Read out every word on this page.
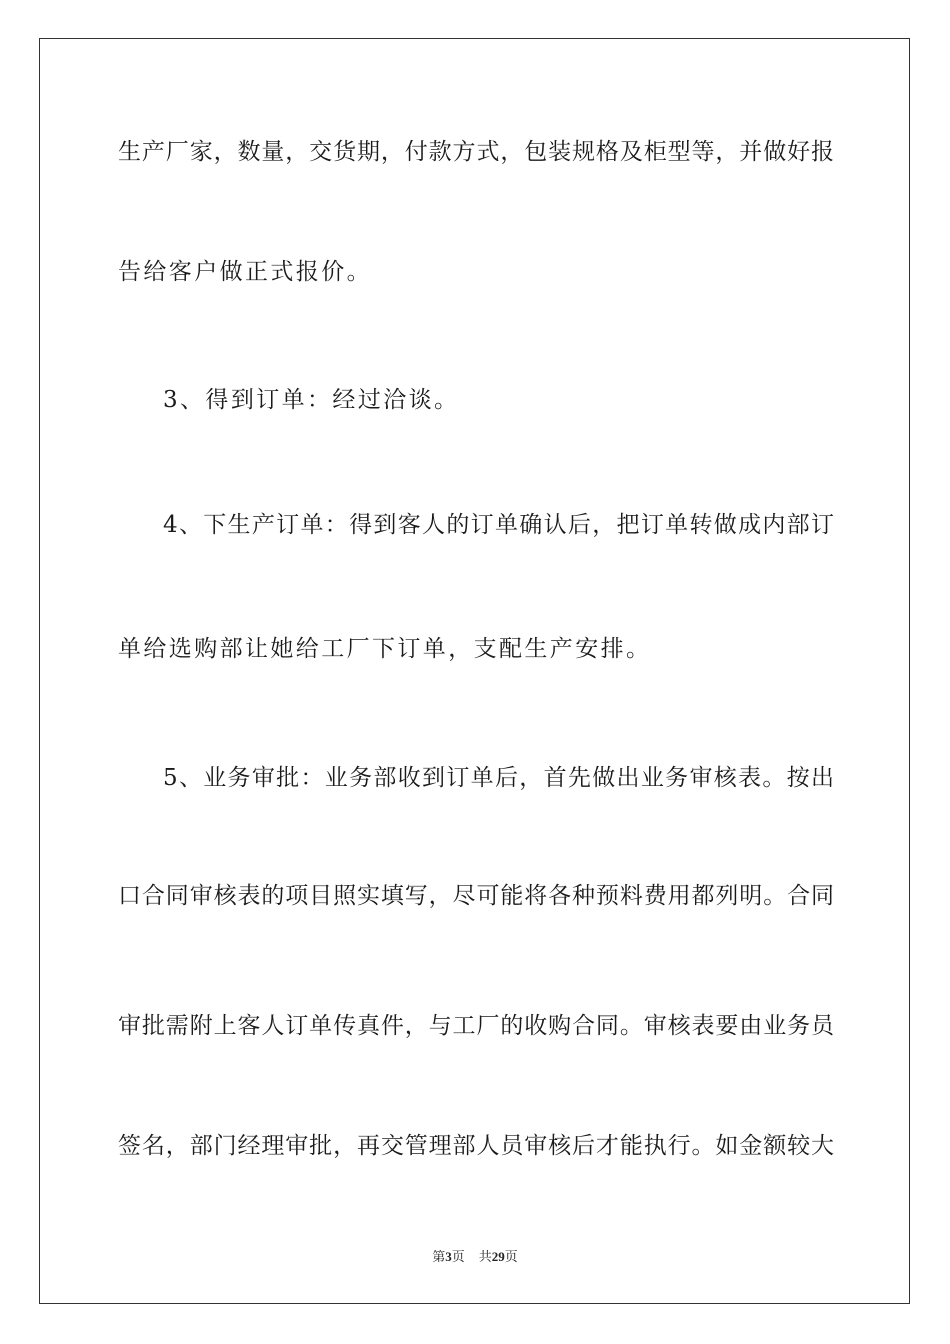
生产厂家，数量，交货期，付款方式，包装规格及柜型等，并做好报
告给客户做正式报价。
3、得到订单：经过洽谈。
4、下生产订单：得到客人的订单确认后，把订单转做成内部订
单给选购部让她给工厂下订单，支配生产安排。
5、业务审批：业务部收到订单后，首先做出业务审核表。按出
口合同审核表的项目照实填写，尽可能将各种预料费用都列明。合同
审批需附上客人订单传真件，与工厂的收购合同。审核表要由业务员
签名，部门经理审批，再交管理部人员审核后才能执行。如金额较大
第3页 共29页
